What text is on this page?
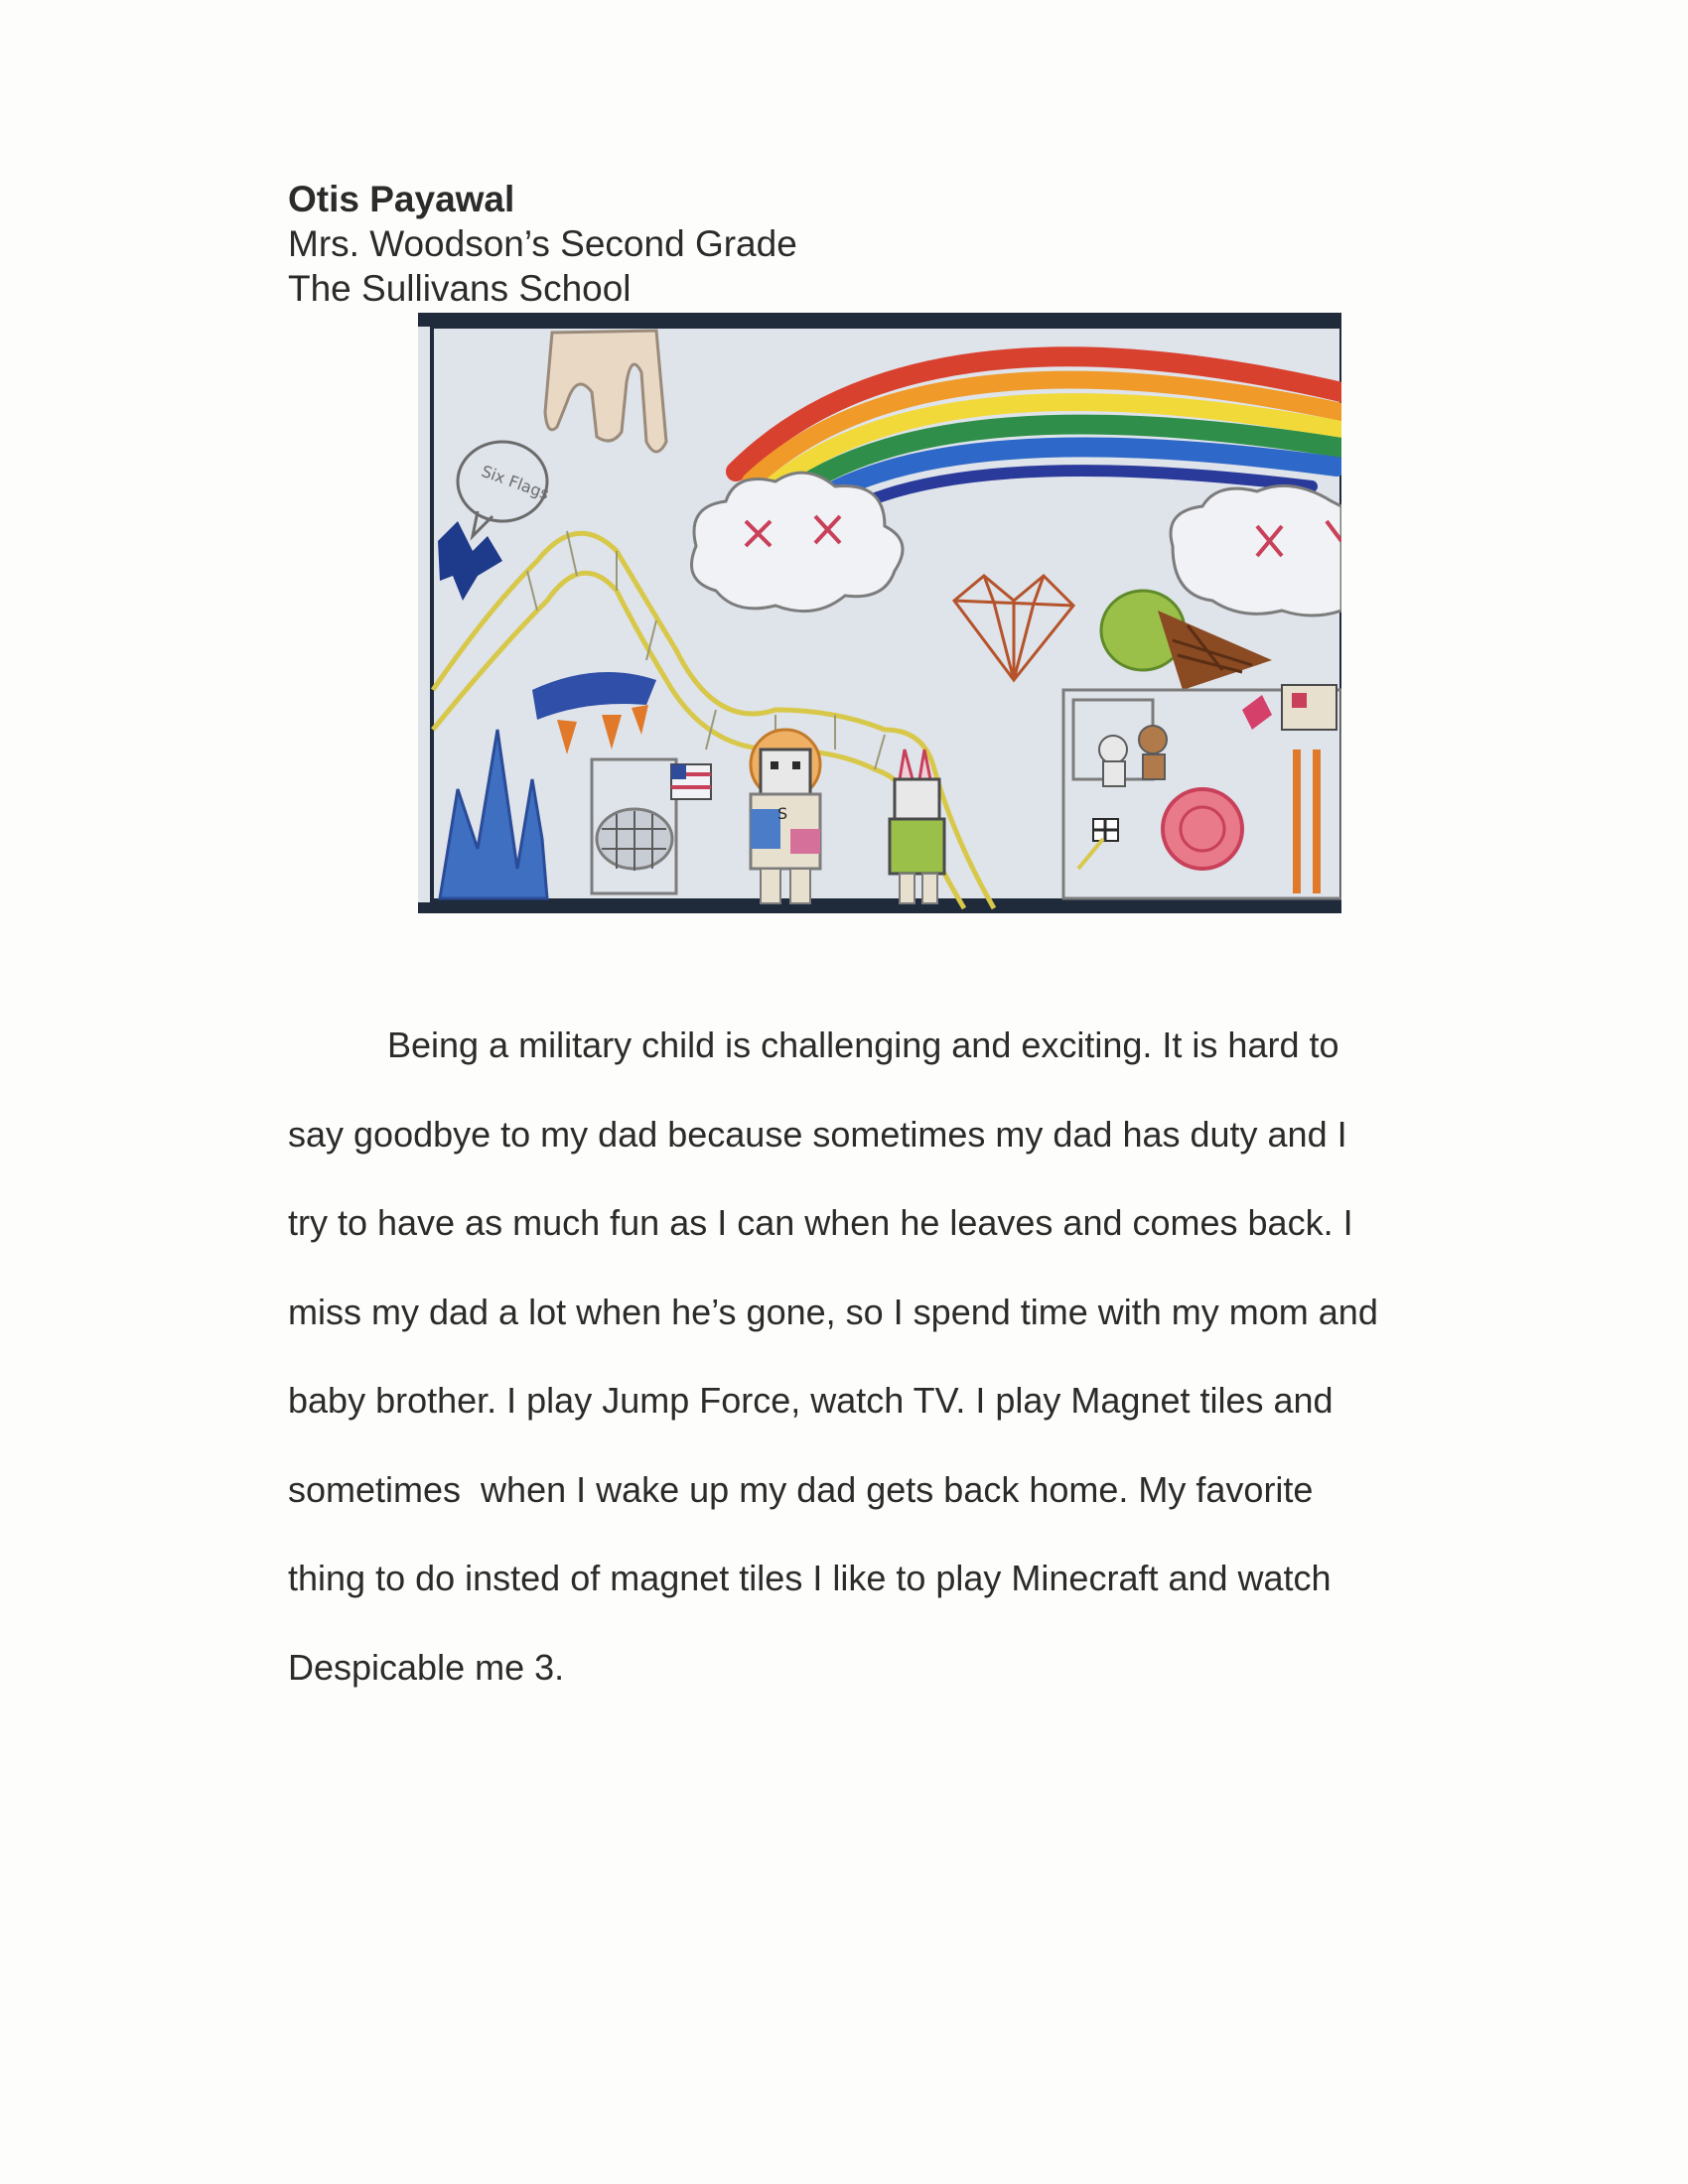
Otis Payawal
Mrs. Woodson’s Second Grade
The Sullivans School
Six Flags
S

Being a military child is challenging and exciting. It is hard to

say goodbye to my dad because sometimes my dad has duty and I

try to have as much fun as I can when he leaves and comes back. I

miss my dad a lot when he’s gone, so I spend time with my mom and

baby brother. I play Jump Force, watch TV. I play Magnet tiles and

sometimes  when I wake up my dad gets back home. My favorite

thing to do insted of magnet tiles I like to play Minecraft and watch

Despicable me 3.
